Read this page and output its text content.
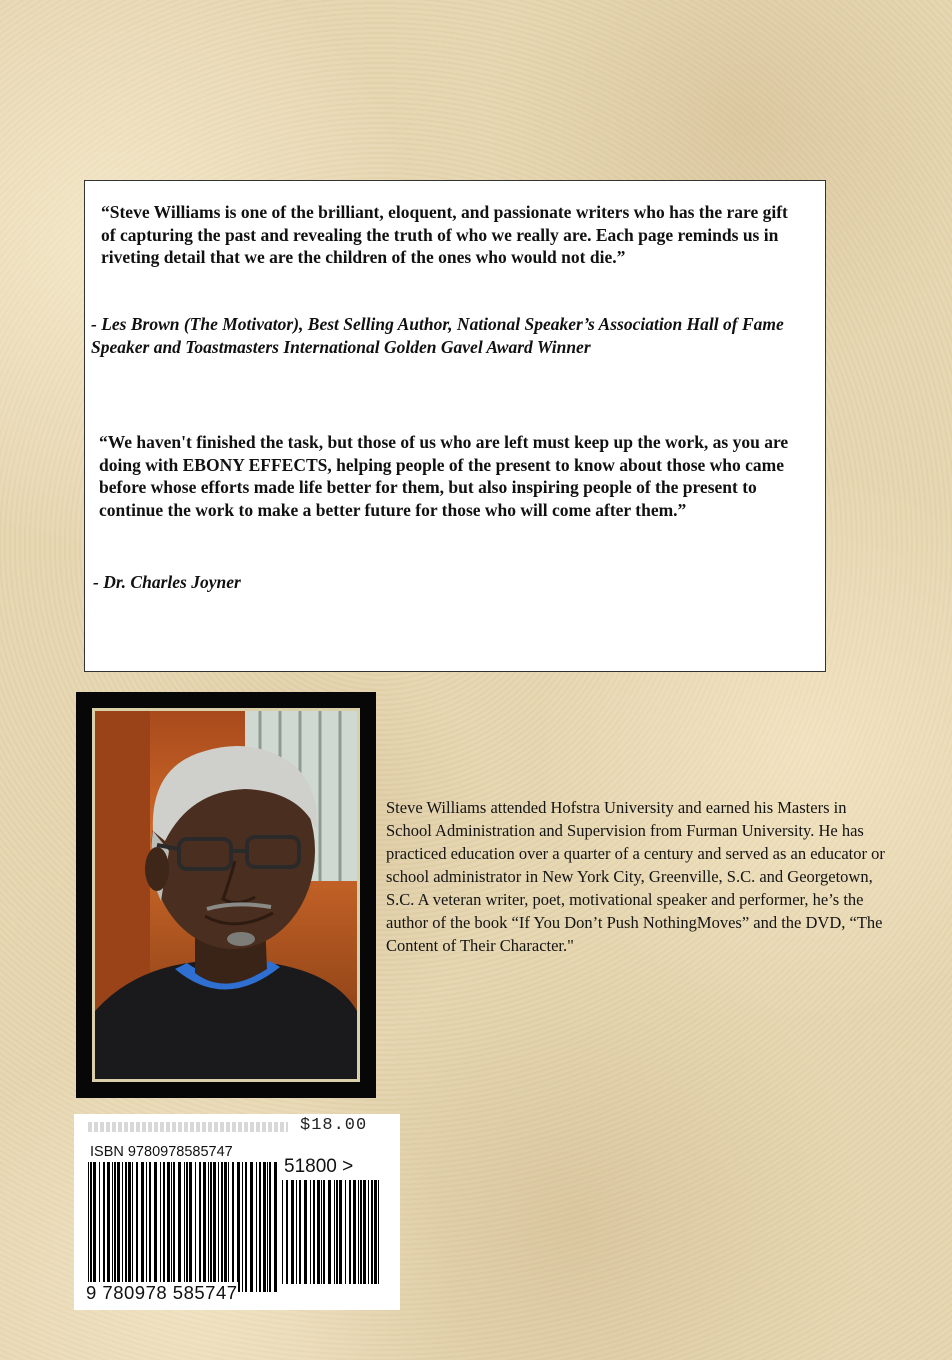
“Steve Williams is one of the brilliant, eloquent, and passionate writers who has the rare gift of capturing the past and revealing the truth of who we really are. Each page reminds us in riveting detail that we are the children of the ones who would not die.”
- Les Brown (The Motivator), Best Selling Author, National Speaker’s Association Hall of Fame Speaker and Toastmasters International Golden Gavel Award Winner
“We haven't finished the task, but those of us who are left must keep up the work, as you are doing with EBONY EFFECTS, helping people of the present to know about those who came before whose efforts made life better for them, but also inspiring people of the present to continue the work to make a better future for those who will come after them.”
- Dr. Charles Joyner
Steve Williams attended Hofstra University and earned his Masters in School Administration and Supervision from Furman University. He has practiced education over a quarter of a century and served as an educator or school administrator in New York City, Greenville, S.C. and Georgetown, S.C. A veteran writer, poet, motivational speaker and performer, he’s the author of the book “If You Don’t Push NothingMoves” and the DVD, “The Content of Their Character."
$18.00
ISBN 9780978585747
51800 >
9 780978 585747
